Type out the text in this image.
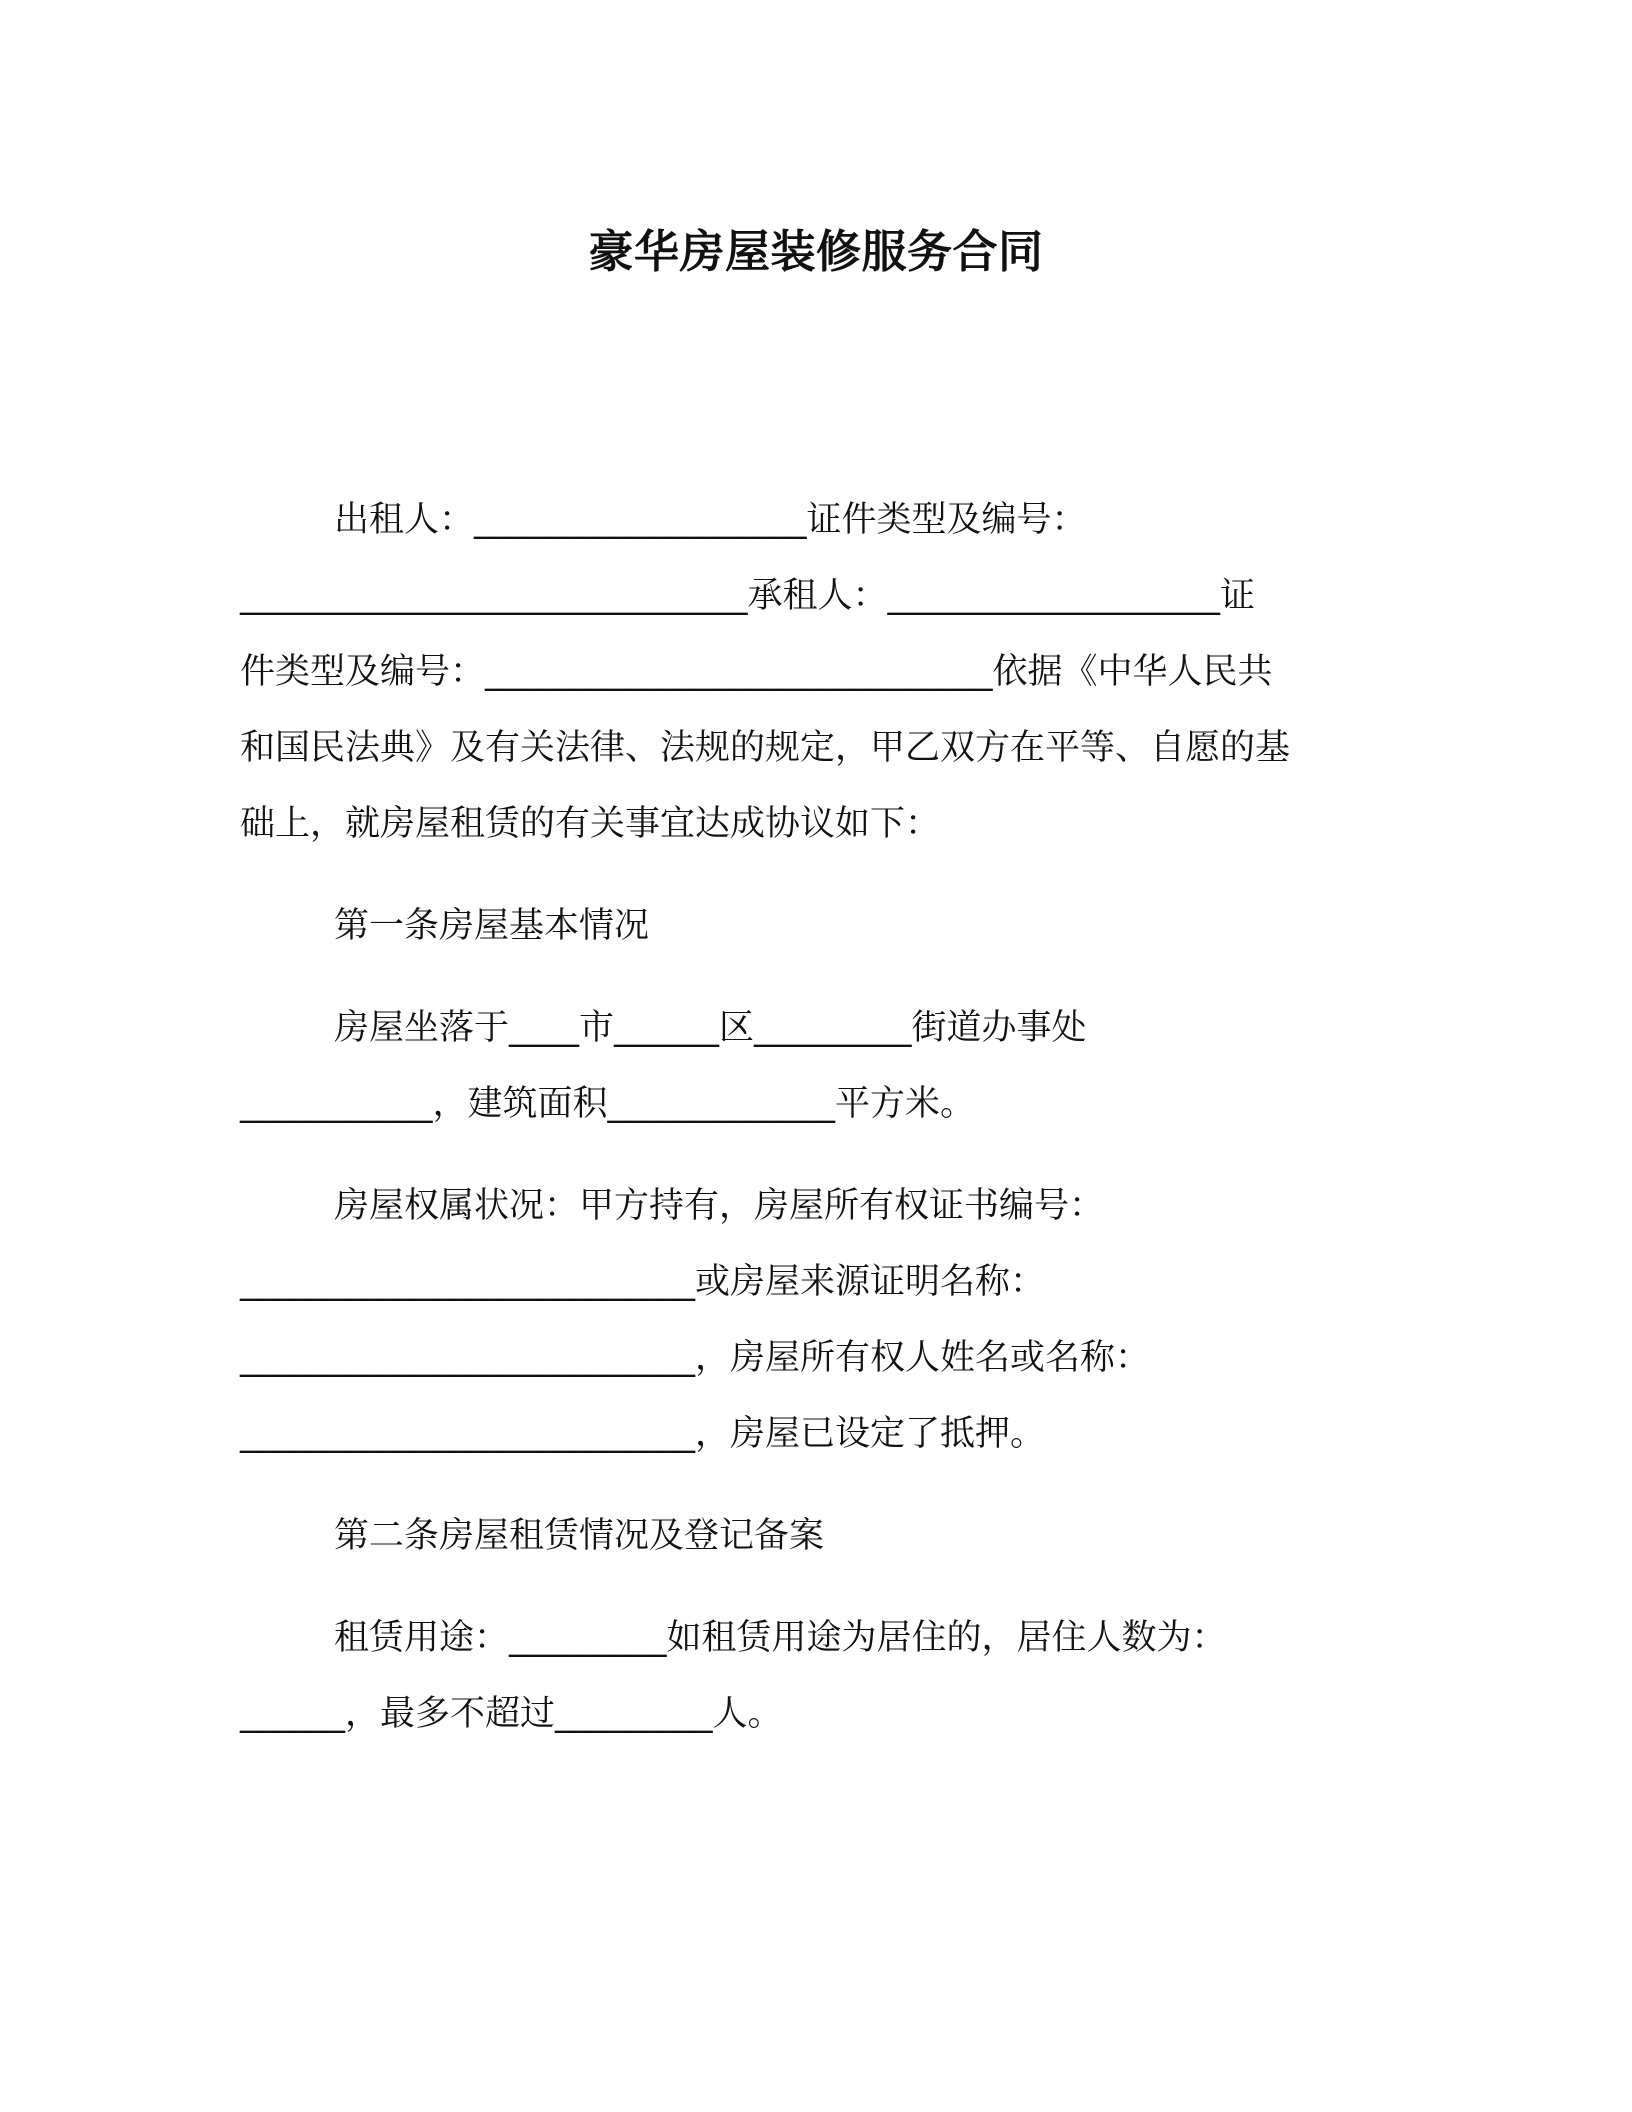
豪华房屋装修服务合同
出租人：___________________证件类型及编号：
_____________________________承租人：___________________证
件类型及编号：_____________________________依据《中华人民共
和国民法典》及有关法律、法规的规定，甲乙双方在平等、自愿的基
础上，就房屋租赁的有关事宜达成协议如下：
第一条房屋基本情况
房屋坐落于____市______区_________街道办事处
___________，建筑面积_____________平方米。
房屋权属状况：甲方持有，房屋所有权证书编号：
__________________________或房屋来源证明名称：
__________________________，房屋所有权人姓名或名称：
__________________________，房屋已设定了抵押。
第二条房屋租赁情况及登记备案
租赁用途：_________如租赁用途为居住的，居住人数为：
______，最多不超过_________人。
